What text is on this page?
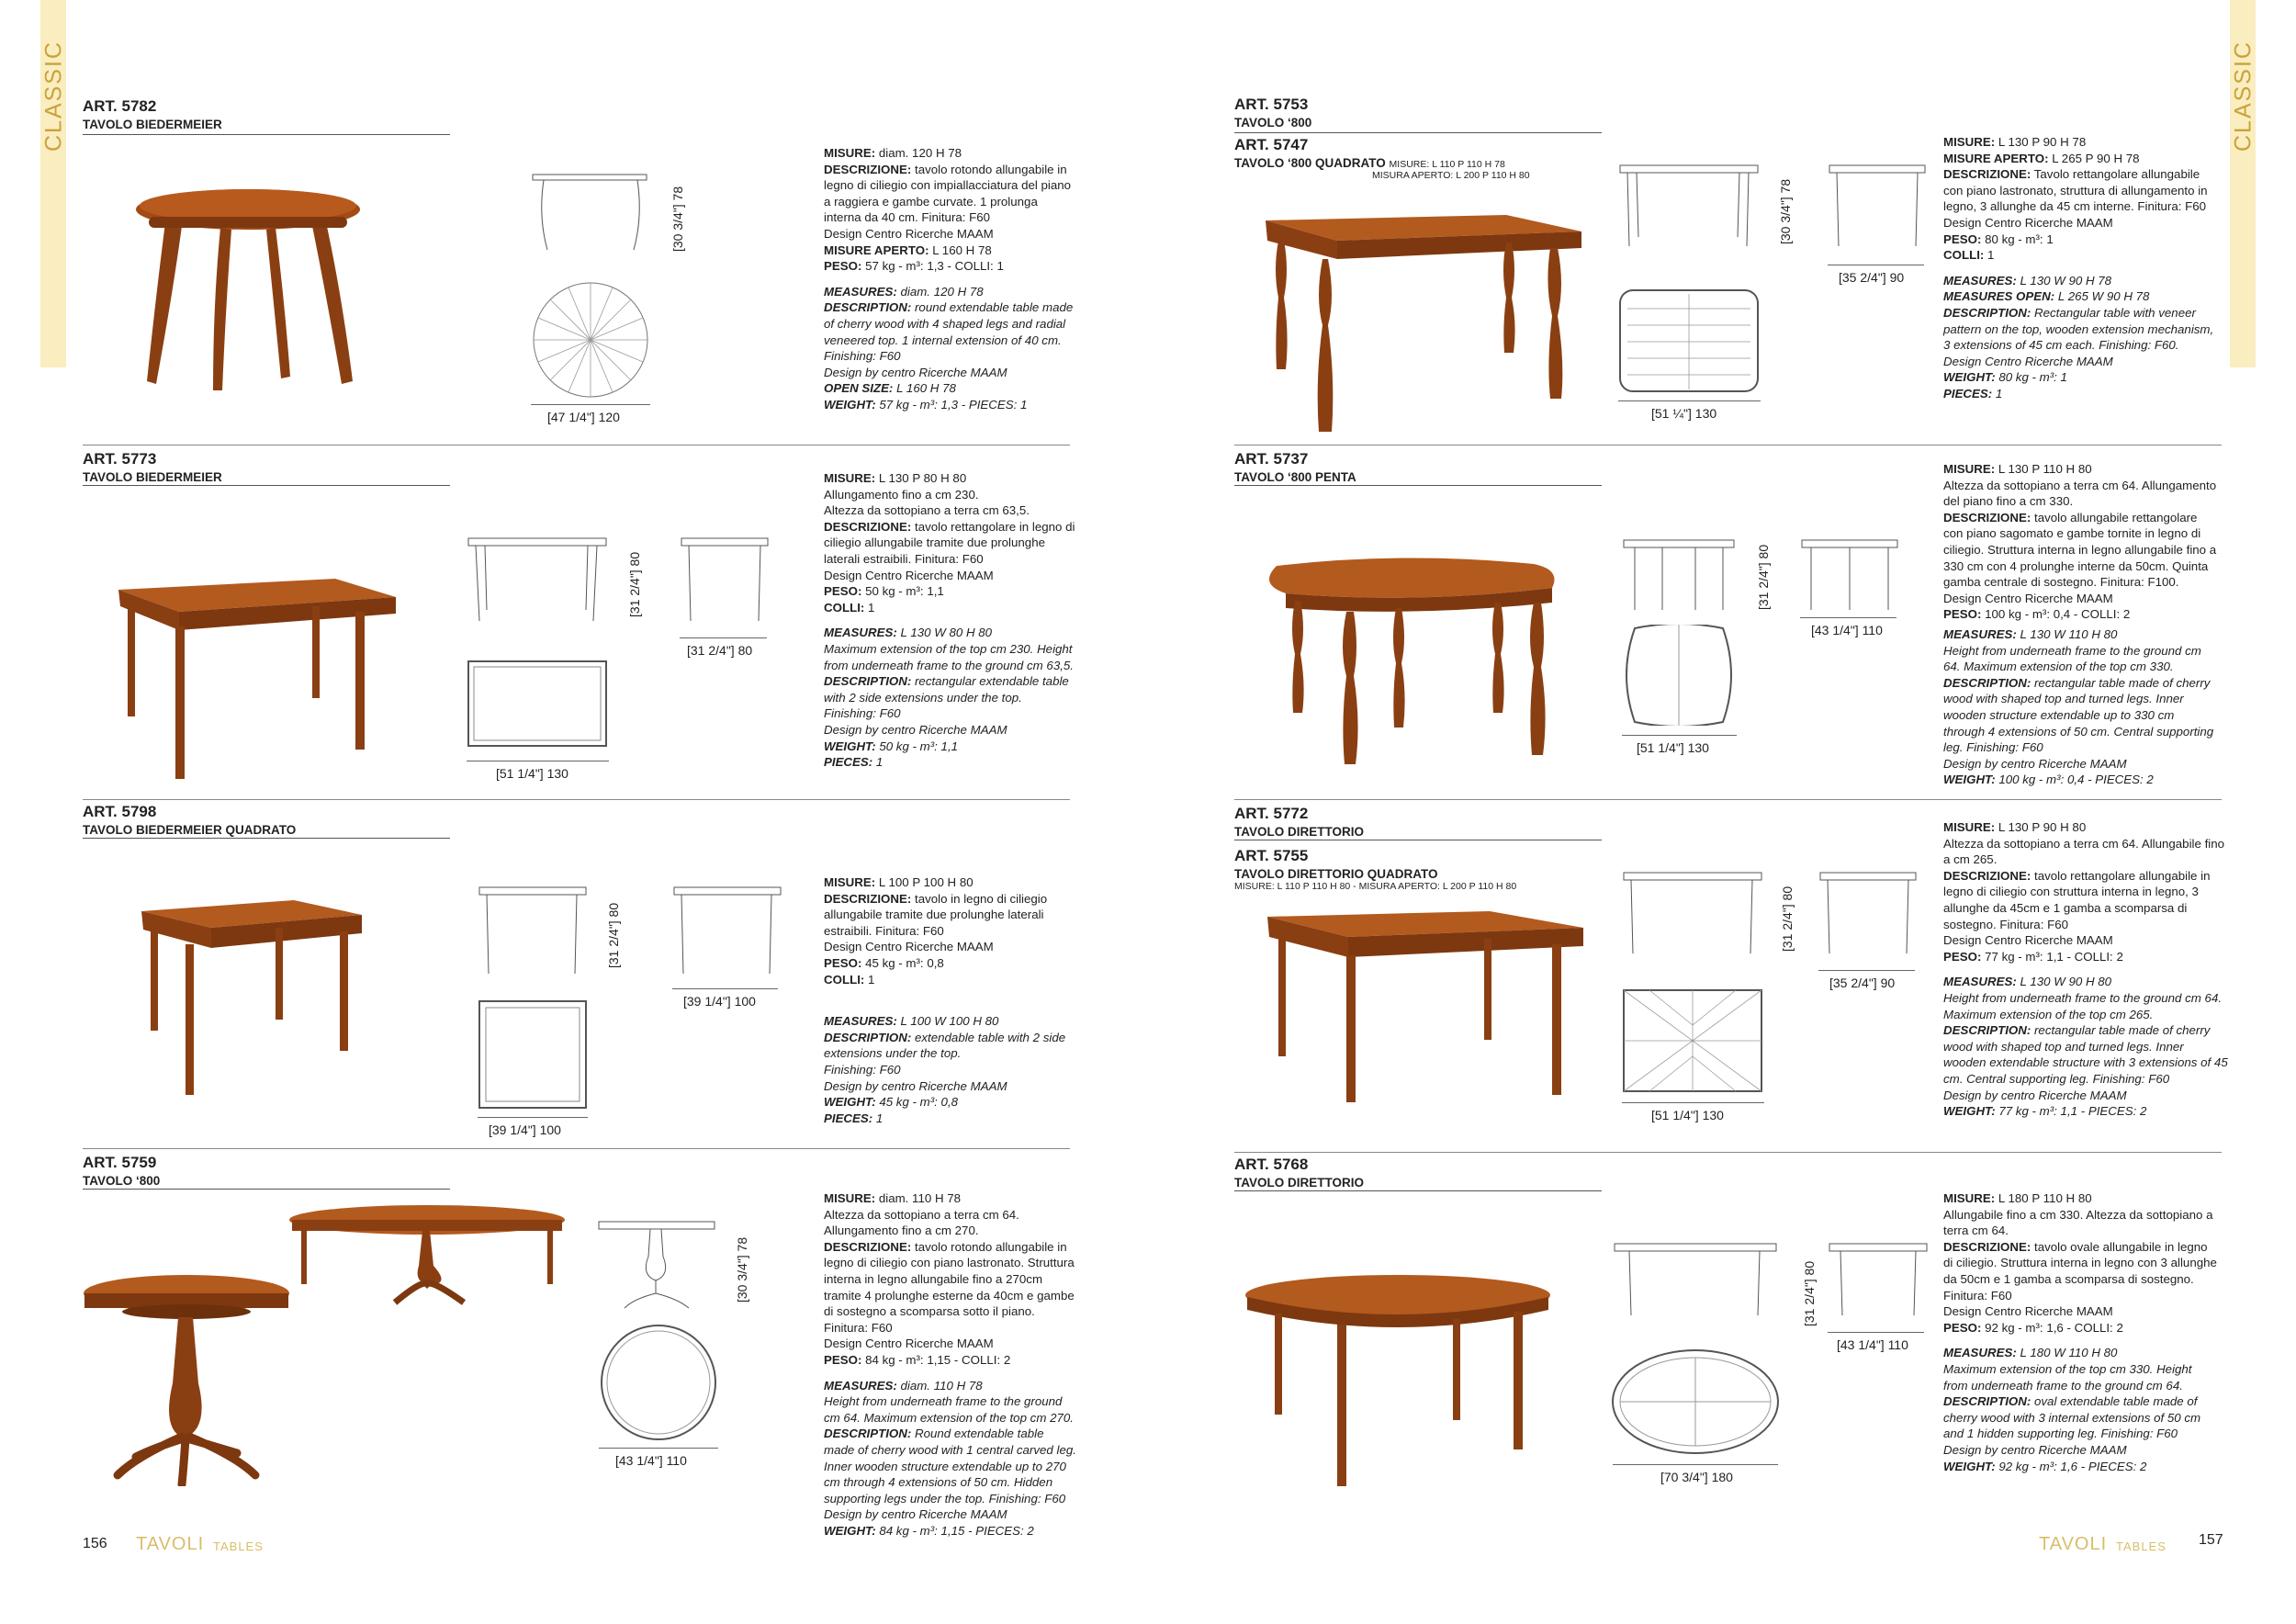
CLASSIC	CLASSIC
ART. 5782
TAVOLO BIEDERMEIER
[30 3/4"] 78
[47 1/4"] 120

MISURE: diam. 120 H 78
DESCRIZIONE: tavolo rotondo allungabile in legno di ciliegio con impiallacciatura del piano a raggiera e gambe curvate. 1 prolunga interna da 40 cm. Finitura: F60
Design Centro Ricerche MAAM
MISURE APERTO: L 160 H 78
PESO: 57 kg - m³: 1,3 - COLLI: 1

MEASURES: diam. 120 H 78
DESCRIPTION: round extendable table made of cherry wood with 4 shaped legs and radial veneered top. 1 internal extension of 40 cm. Finishing: F60
Design by centro Ricerche MAAM
OPEN SIZE: L 160 H 78
WEIGHT: 57 kg - m³: 1,3 - PIECES: 1

ART. 5773
TAVOLO BIEDERMEIER
[31 2/4"] 80
[31 2/4"] 80
[51 1/4"] 130

MISURE: L 130 P 80 H 80
Allungamento fino a cm 230.
Altezza da sottopiano a terra cm 63,5.
DESCRIZIONE: tavolo rettangolare in legno di ciliegio allungabile tramite due prolunghe laterali estraibili. Finitura: F60
Design Centro Ricerche MAAM
PESO: 50 kg - m³: 1,1
COLLI: 1

MEASURES: L 130 W 80 H 80
Maximum extension of the top cm 230. Height from underneath frame to the ground cm 63,5.
DESCRIPTION: rectangular extendable table with 2 side extensions under the top. Finishing: F60
Design by centro Ricerche MAAM
WEIGHT: 50 kg - m³: 1,1
PIECES: 1

ART. 5798
TAVOLO BIEDERMEIER QUADRATO
[31 2/4"] 80
[39 1/4"] 100
[39 1/4"] 100

MISURE: L 100 P 100 H 80
DESCRIZIONE: tavolo in legno di ciliegio allungabile tramite due prolunghe laterali estraibili. Finitura: F60
Design Centro Ricerche MAAM
PESO: 45 kg - m³: 0,8
COLLI: 1

MEASURES: L 100 W 100 H 80
DESCRIPTION: extendable table with 2 side extensions under the top.
Finishing: F60
Design by centro Ricerche MAAM
WEIGHT: 45 kg - m³: 0,8
PIECES: 1

ART. 5759
TAVOLO ‘800
[30 3/4"] 78
[43 1/4"] 110

MISURE: diam. 110 H 78
Altezza da sottopiano a terra cm 64. Allungamento fino a cm 270.
DESCRIZIONE: tavolo rotondo allungabile in legno di ciliegio con piano lastronato. Struttura interna in legno allungabile fino a 270cm tramite 4 prolunghe esterne da 40cm e gambe di sostegno a scomparsa sotto il piano. Finitura: F60
Design Centro Ricerche MAAM
PESO: 84 kg - m³: 1,15 - COLLI: 2

MEASURES: diam. 110 H 78
Height from underneath frame to the ground cm 64. Maximum extension of the top cm 270.
DESCRIPTION: Round extendable table made of cherry wood with 1 central carved leg. Inner wooden structure extendable up to 270 cm through 4 extensions of 50 cm. Hidden supporting legs under the top. Finishing: F60
Design by centro Ricerche MAAM
WEIGHT: 84 kg - m³: 1,15 - PIECES: 2

156 TAVOLI TABLES
ART. 5753
TAVOLO ‘800
ART. 5747
TAVOLO ‘800 QUADRATO MISURE: L 110 P 110 H 78
MISURA APERTO: L 200 P 110 H 80
[30 3/4"] 78
[35 2/4"] 90
[51 ¼"] 130

MISURE: L 130 P 90 H 78
MISURE APERTO: L 265 P 90 H 78
DESCRIZIONE: Tavolo rettangolare allungabile con piano lastronato, struttura di allungamento in legno, 3 allunghe da 45 cm interne. Finitura: F60
Design Centro Ricerche MAAM
PESO: 80 kg - m³: 1
COLLI: 1

MEASURES: L 130 W 90 H 78
MEASURES OPEN: L 265 W 90 H 78
DESCRIPTION: Rectangular table with veneer pattern on the top, wooden extension mechanism, 3 extensions of 45 cm each. Finishing: F60. Design Centro Ricerche MAAM
WEIGHT: 80 kg - m³: 1
PIECES: 1

ART. 5737
TAVOLO ‘800 PENTA
[31 2/4"] 80
[43 1/4"] 110
[51 1/4"] 130

MISURE: L 130 P 110 H 80
Altezza da sottopiano a terra cm 64. Allungamento del piano fino a cm 330.
DESCRIZIONE: tavolo allungabile rettangolare con piano sagomato e gambe tornite in legno di ciliegio. Struttura interna in legno allungabile fino a 330 cm con 4 prolunghe interne da 50cm. Quinta gamba centrale di sostegno. Finitura: F100. Design Centro Ricerche MAAM
PESO: 100 kg - m³: 0,4 - COLLI: 2

MEASURES: L 130 W 110 H 80
Height from underneath frame to the ground cm 64. Maximum extension of the top cm 330.
DESCRIPTION: rectangular table made of cherry wood with shaped top and turned legs. Inner wooden structure extendable up to 330 cm through 4 extensions of 50 cm. Central supporting leg. Finishing: F60
Design by centro Ricerche MAAM
WEIGHT: 100 kg - m³: 0,4 - PIECES: 2

ART. 5772
TAVOLO DIRETTORIO
ART. 5755
TAVOLO DIRETTORIO QUADRATO
MISURE: L 110 P 110 H 80 - MISURA APERTO: L 200 P 110 H 80	[31 2/4"] 80
[35 2/4"] 90
[51 1/4"] 130

MISURE: L 130 P 90 H 80
Altezza da sottopiano a terra cm 64. Allungabile fino a cm 265.
DESCRIZIONE: tavolo rettangolare allungabile in legno di ciliegio con struttura interna in legno, 3 allunghe da 45cm e 1 gamba a scomparsa di sostegno. Finitura: F60
Design Centro Ricerche MAAM
PESO: 77 kg - m³: 1,1 - COLLI: 2

MEASURES: L 130 W 90 H 80
Height from underneath frame to the ground cm 64. Maximum extension of the top cm 265.
DESCRIPTION: rectangular table made of cherry wood with shaped top and turned legs. Inner wooden extendable structure with 3 extensions of 45 cm. Central supporting leg. Finishing: F60
Design by centro Ricerche MAAM
WEIGHT: 77 kg - m³: 1,1 - PIECES: 2

ART. 5768
TAVOLO DIRETTORIO
[31 2/4"] 80
[43 1/4"] 110
[70 3/4"] 180

MISURE: L 180 P 110 H 80
Allungabile fino a cm 330. Altezza da sottopiano a terra cm 64.
DESCRIZIONE: tavolo ovale allungabile in legno di ciliegio. Struttura interna in legno con 3 allunghe da 50cm e 1 gamba a scomparsa di sostegno. Finitura: F60
Design Centro Ricerche MAAM
PESO: 92 kg - m³: 1,6 - COLLI: 2

MEASURES: L 180 W 110 H 80
Maximum extension of the top cm 330. Height from underneath frame to the ground cm 64.
DESCRIPTION: oval extendable table made of cherry wood with 3 internal extensions of 50 cm and 1 hidden supporting leg. Finishing: F60
Design by centro Ricerche MAAM
WEIGHT: 92 kg - m³: 1,6 - PIECES: 2

TAVOLI TABLES 157
